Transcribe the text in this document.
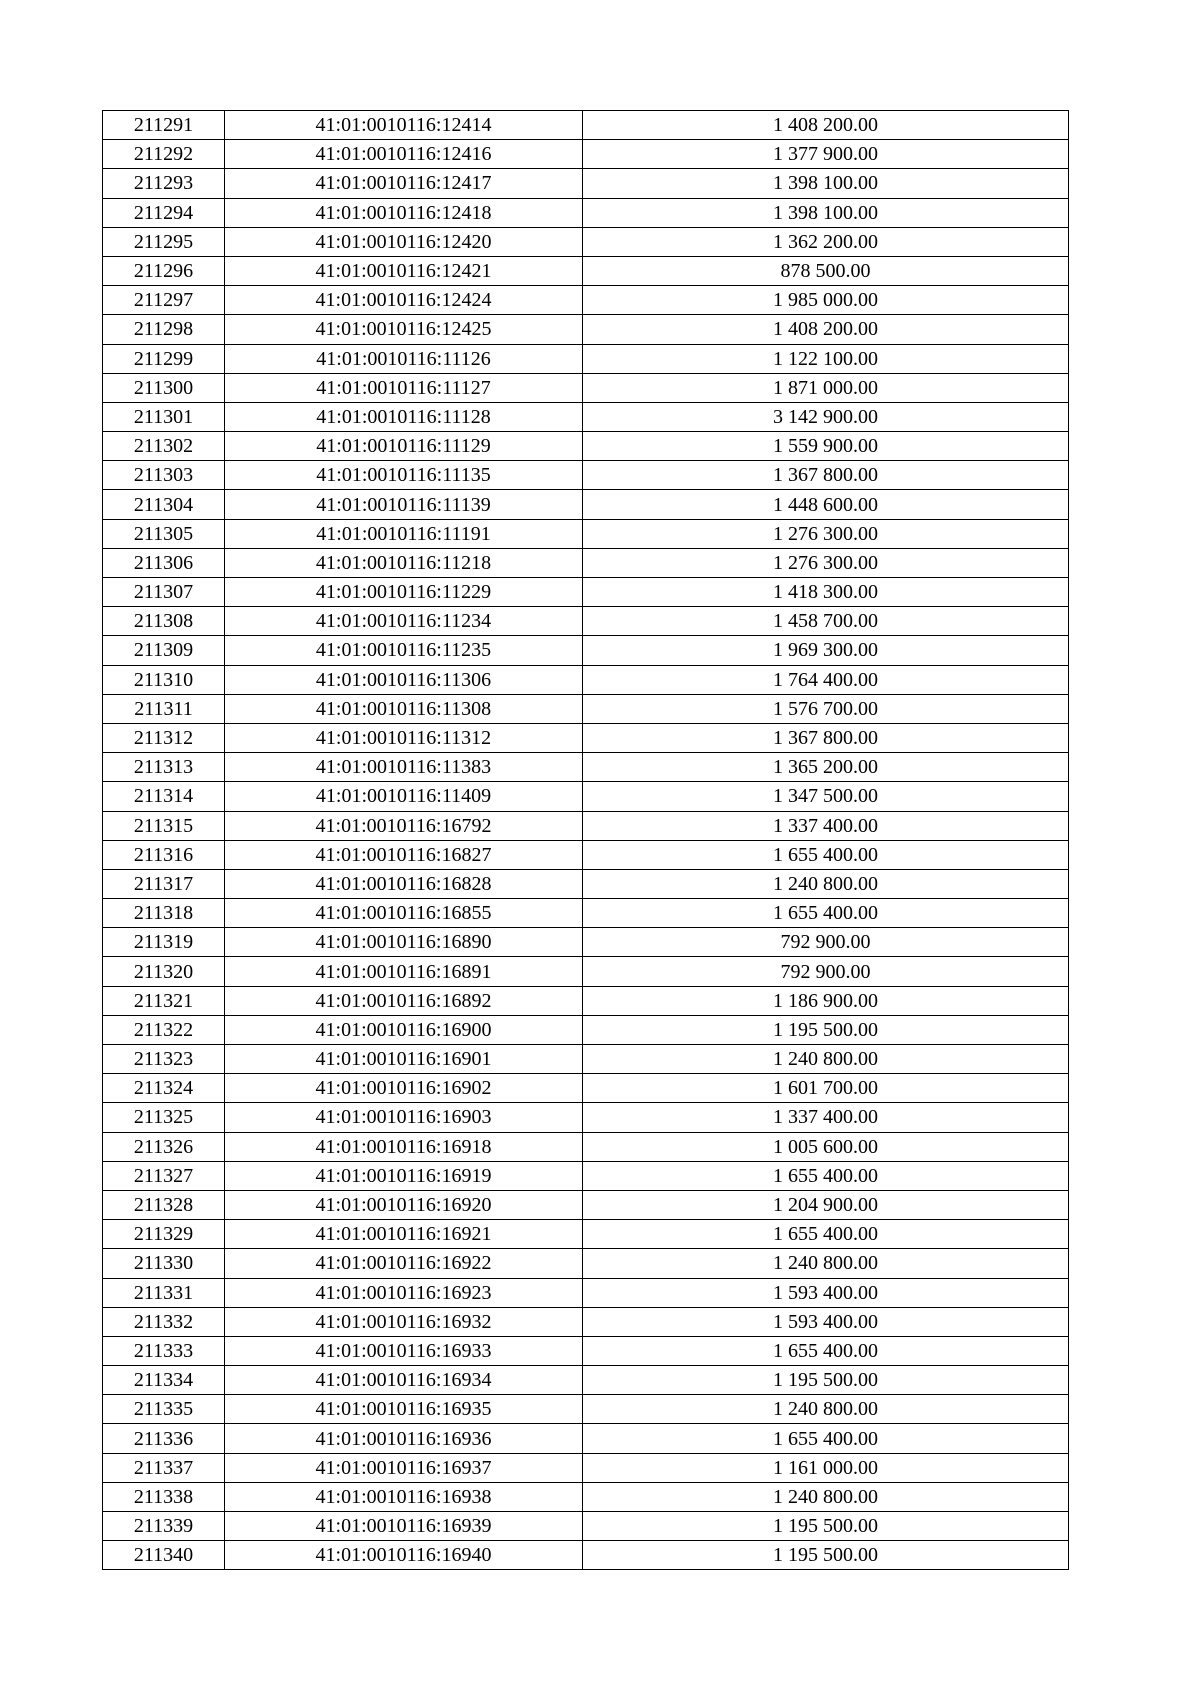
211291	41:01:0010116:12414	1 408 200.00
211292	41:01:0010116:12416	1 377 900.00
211293	41:01:0010116:12417	1 398 100.00
211294	41:01:0010116:12418	1 398 100.00
211295	41:01:0010116:12420	1 362 200.00
211296	41:01:0010116:12421	878 500.00
211297	41:01:0010116:12424	1 985 000.00
211298	41:01:0010116:12425	1 408 200.00
211299	41:01:0010116:11126	1 122 100.00
211300	41:01:0010116:11127	1 871 000.00
211301	41:01:0010116:11128	3 142 900.00
211302	41:01:0010116:11129	1 559 900.00
211303	41:01:0010116:11135	1 367 800.00
211304	41:01:0010116:11139	1 448 600.00
211305	41:01:0010116:11191	1 276 300.00
211306	41:01:0010116:11218	1 276 300.00
211307	41:01:0010116:11229	1 418 300.00
211308	41:01:0010116:11234	1 458 700.00
211309	41:01:0010116:11235	1 969 300.00
211310	41:01:0010116:11306	1 764 400.00
211311	41:01:0010116:11308	1 576 700.00
211312	41:01:0010116:11312	1 367 800.00
211313	41:01:0010116:11383	1 365 200.00
211314	41:01:0010116:11409	1 347 500.00
211315	41:01:0010116:16792	1 337 400.00
211316	41:01:0010116:16827	1 655 400.00
211317	41:01:0010116:16828	1 240 800.00
211318	41:01:0010116:16855	1 655 400.00
211319	41:01:0010116:16890	792 900.00
211320	41:01:0010116:16891	792 900.00
211321	41:01:0010116:16892	1 186 900.00
211322	41:01:0010116:16900	1 195 500.00
211323	41:01:0010116:16901	1 240 800.00
211324	41:01:0010116:16902	1 601 700.00
211325	41:01:0010116:16903	1 337 400.00
211326	41:01:0010116:16918	1 005 600.00
211327	41:01:0010116:16919	1 655 400.00
211328	41:01:0010116:16920	1 204 900.00
211329	41:01:0010116:16921	1 655 400.00
211330	41:01:0010116:16922	1 240 800.00
211331	41:01:0010116:16923	1 593 400.00
211332	41:01:0010116:16932	1 593 400.00
211333	41:01:0010116:16933	1 655 400.00
211334	41:01:0010116:16934	1 195 500.00
211335	41:01:0010116:16935	1 240 800.00
211336	41:01:0010116:16936	1 655 400.00
211337	41:01:0010116:16937	1 161 000.00
211338	41:01:0010116:16938	1 240 800.00
211339	41:01:0010116:16939	1 195 500.00
211340	41:01:0010116:16940	1 195 500.00
